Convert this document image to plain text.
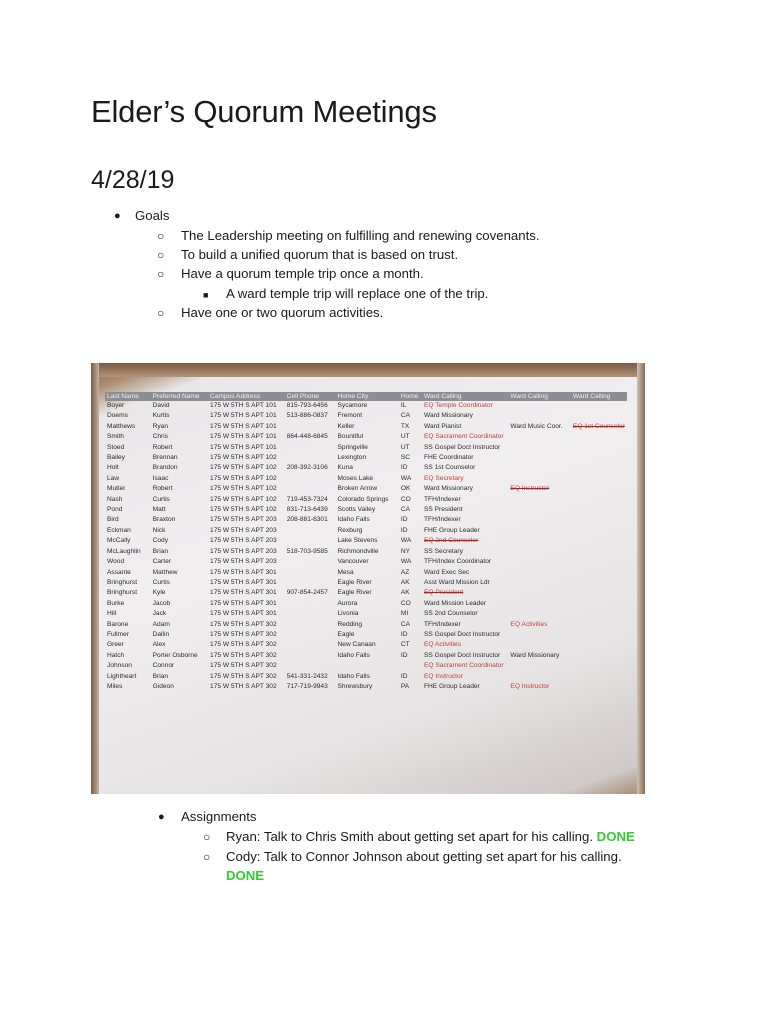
Elder’s Quorum Meetings
4/28/19
● Goals
○ The Leadership meeting on fulfilling and renewing covenants.
○ To build a unified quorum that is based on trust.
○ Have a quorum temple trip once a month.
■ A ward temple trip will replace one of the trip.
○ Have one or two quorum activities.
Last Name	Preferred Name	Campus Address	Cell Phone	Home City	Home	Ward Calling	Ward Calling	Ward Calling
Boyer	David	175 W 5TH S APT 101	815-793-6456	Sycamore	IL	EQ Temple Coordinator		
Doems	Kurtis	175 W 5TH S APT 101	513-886-0837	Fremont	CA	Ward Missionary		
Matthews	Ryan	175 W 5TH S APT 101		Keller	TX	Ward Pianist	Ward Music Coor.	EQ 1st Counselor
Smith	Chris	175 W 5TH S APT 101	864-448-6845	Bountiful	UT	EQ Sacrament Coordinator		
Stoed	Robert	175 W 5TH S APT 101		Springville	UT	SS Gospel Doct Instructor		
Bailey	Brennan	175 W 5TH S APT 102		Lexington	SC	FHE Coordinator		
Holt	Brandon	175 W 5TH S APT 102	208-392-3106	Kuna	ID	SS 1st Counselor		
Law	Isaac	175 W 5TH S APT 102		Moses Lake	WA	EQ Secretary		
Mutler	Robert	175 W 5TH S APT 102		Broken Arrow	OK	Ward Missionary	EQ Instructor	
Nash	Curtis	175 W 5TH S APT 102	719-453-7324	Colorado Springs	CO	TFH/Indexer		
Pond	Matt	175 W 5TH S APT 102	831-713-6439	Scotts Valley	CA	SS President		
Bird	Braxton	175 W 5TH S APT 203	208-881-6301	Idaho Falls	ID	TFH/Indexer		
Eckman	Nick	175 W 5TH S APT 203		Rexburg	ID	FHE Group Leader		
McCally	Cody	175 W 5TH S APT 203		Lake Stevens	WA	EQ 2nd Counselor		
McLaughlin	Brian	175 W 5TH S APT 203	518-703-9585	Richmondville	NY	SS Secretary		
Wood	Carter	175 W 5TH S APT 203		Vancouver	WA	TFH/Index Coordinator		
Assante	Matthew	175 W 5TH S APT 301		Mesa	AZ	Ward Exec Sec		
Bringhurst	Curtis	175 W 5TH S APT 301		Eagle River	AK	Asst Ward Mission Ldr		
Bringhurst	Kyle	175 W 5TH S APT 301	907-854-2457	Eagle River	AK	EQ President		
Burke	Jacob	175 W 5TH S APT 301		Aurora	CO	Ward Mission Leader		
Hill	Jack	175 W 5TH S APT 301		Livonia	MI	SS 2nd Counselor		
Barone	Adam	175 W 5TH S APT 302		Redding	CA	TFH/Indexer	EQ Activities	
Fullmer	Dallin	175 W 5TH S APT 302		Eagle	ID	SS Gospel Doct Instructor		
Greer	Alex	175 W 5TH S APT 302		New Canaan	CT	EQ Activities		
Hatch	Porter Osborne	175 W 5TH S APT 302		Idaho Falls	ID	SS Gospel Doct Instructor	Ward Missionary	
Johnson	Connor	175 W 5TH S APT 302				EQ Sacrament Coordinator		
Lightheart	Brian	175 W 5TH S APT 302	541-331-2432	Idaho Falls	ID	EQ Instructor		
Miles	Gideon	175 W 5TH S APT 302	717-719-9943	Shrewsbury	PA	FHE Group Leader	EQ Instructor	
● Assignments
○ Ryan: Talk to Chris Smith about getting set apart for his calling. DONE
○ Cody: Talk to Connor Johnson about getting set apart for his calling.
DONE
